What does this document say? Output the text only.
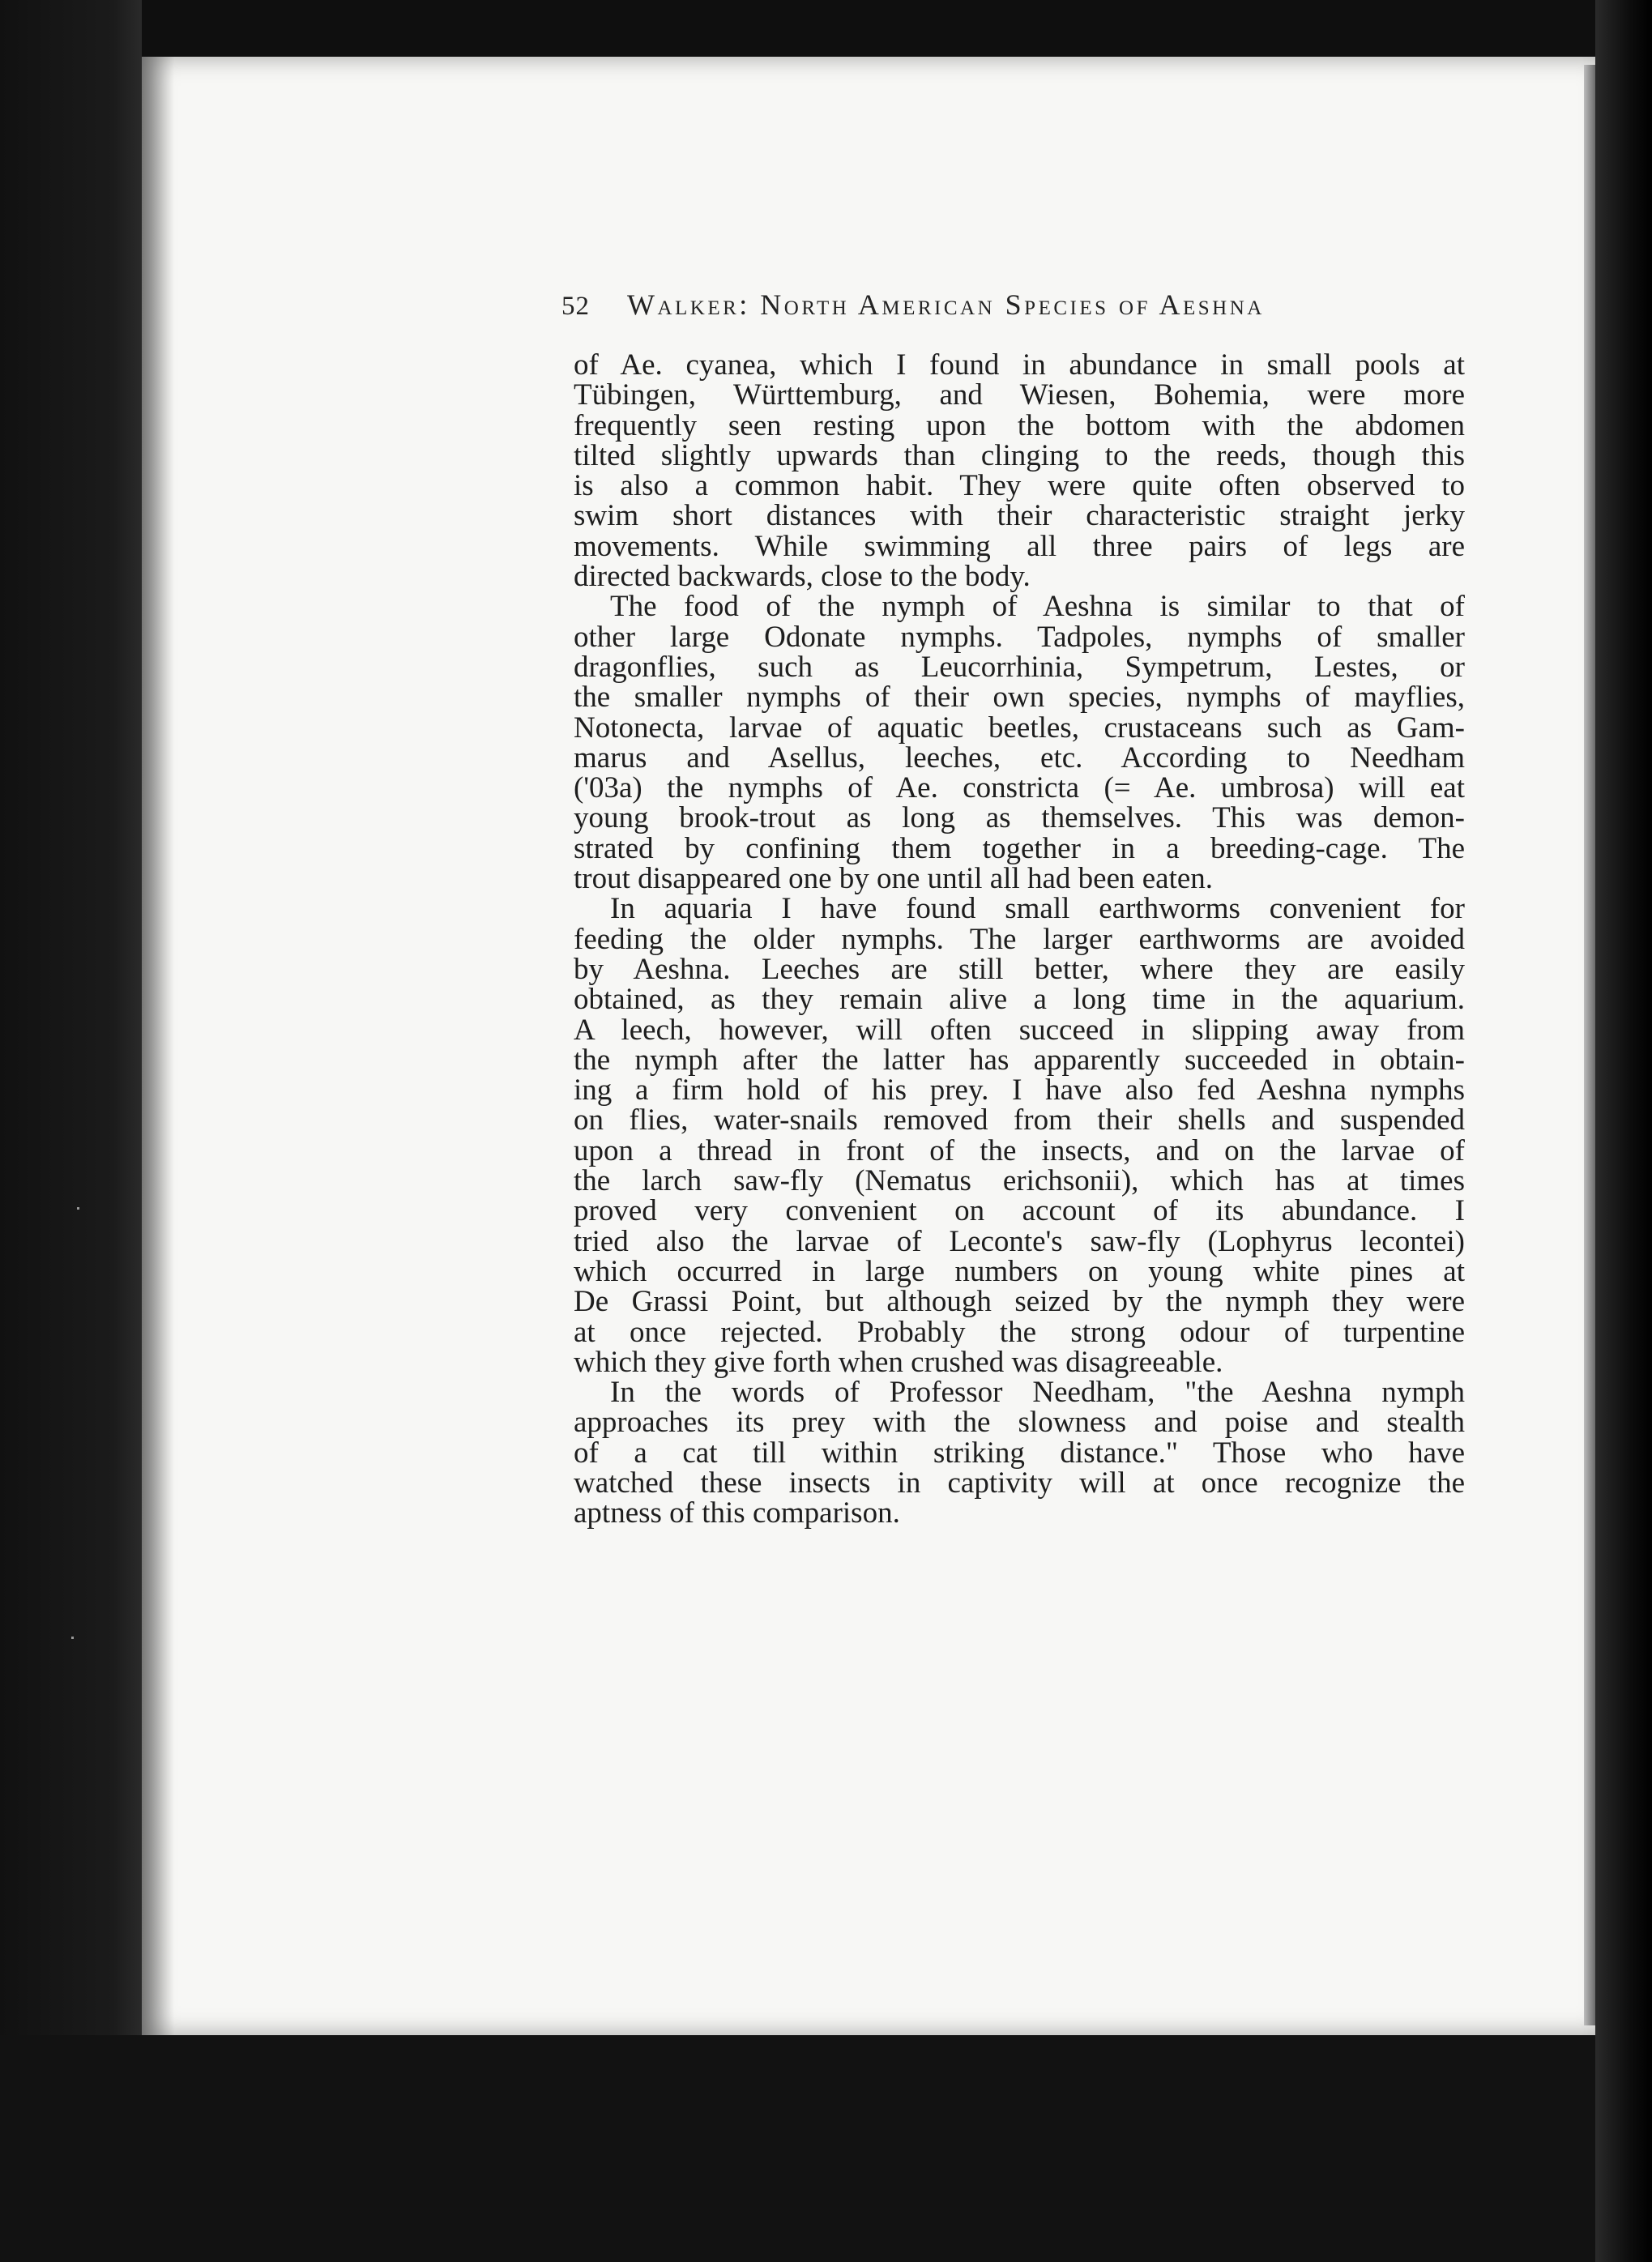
52 Walker: North American Species of Aeshna
of Ae. cyanea, which I found in abundance in small pools at
Tübingen, Württemburg, and Wiesen, Bohemia, were more
frequently seen resting upon the bottom with the abdomen
tilted slightly upwards than clinging to the reeds, though this
is also a common habit. They were quite often observed to
swim short distances with their characteristic straight jerky
movements. While swimming all three pairs of legs are
directed backwards, close to the body.
The food of the nymph of Aeshna is similar to that of
other large Odonate nymphs. Tadpoles, nymphs of smaller
dragonflies, such as Leucorrhinia, Sympetrum, Lestes, or
the smaller nymphs of their own species, nymphs of mayflies,
Notonecta, larvae of aquatic beetles, crustaceans such as Gam-
marus and Asellus, leeches, etc. According to Needham
('03a) the nymphs of Ae. constricta (= Ae. umbrosa) will eat
young brook-trout as long as themselves. This was demon-
strated by confining them together in a breeding-cage. The
trout disappeared one by one until all had been eaten.
In aquaria I have found small earthworms convenient for
feeding the older nymphs. The larger earthworms are avoided
by Aeshna. Leeches are still better, where they are easily
obtained, as they remain alive a long time in the aquarium.
A leech, however, will often succeed in slipping away from
the nymph after the latter has apparently succeeded in obtain-
ing a firm hold of his prey. I have also fed Aeshna nymphs
on flies, water-snails removed from their shells and suspended
upon a thread in front of the insects, and on the larvae of
the larch saw-fly (Nematus erichsonii), which has at times
proved very convenient on account of its abundance. I
tried also the larvae of Leconte's saw-fly (Lophyrus lecontei)
which occurred in large numbers on young white pines at
De Grassi Point, but although seized by the nymph they were
at once rejected. Probably the strong odour of turpentine
which they give forth when crushed was disagreeable.
In the words of Professor Needham, "the Aeshna nymph
approaches its prey with the slowness and poise and stealth
of a cat till within striking distance." Those who have
watched these insects in captivity will at once recognize the
aptness of this comparison.
